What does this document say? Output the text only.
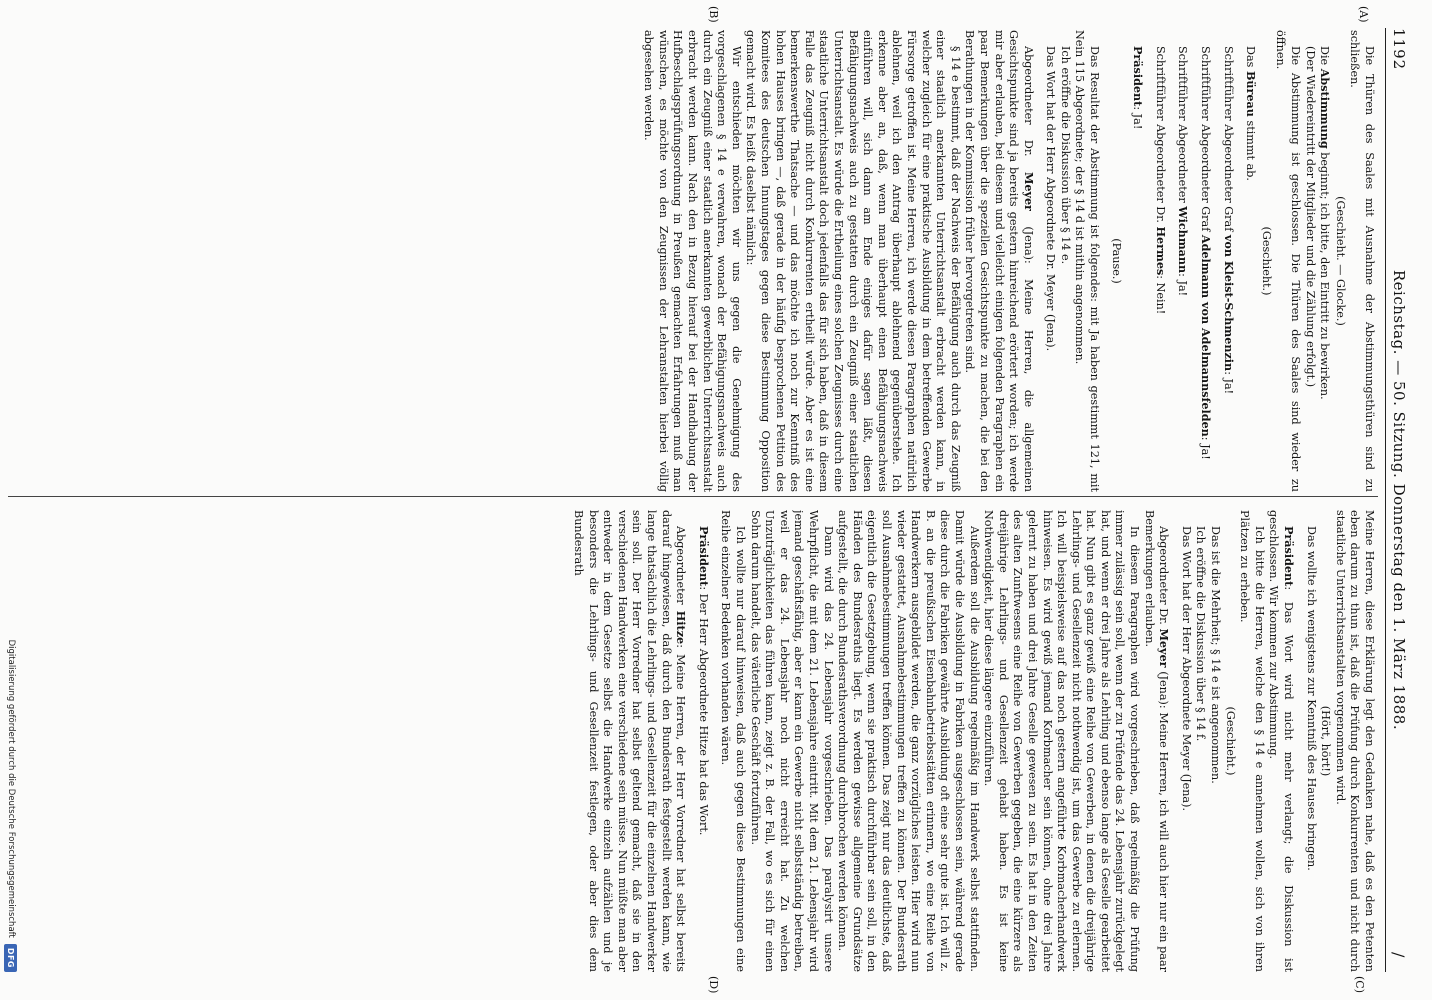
1192
Reichstag. — 50. Sitzung. Donnerstag den 1. März 1888.
/
(A)
(B)
(C)
(D)

Die Thüren des Saales mit Ausnahme der Abstimmungsthüren sind zu schließen.

(Geschieht. — Glocke.)

Die Abstimmung beginnt; ich bitte, den Eintritt zu bewirken.

(Der Wiedereintritt der Mitglieder und die Zählung erfolgt.)

Die Abstimmung ist geschlossen. Die Thüren des Saales sind wieder zu öffnen.

(Geschieht.)

Das Büreau stimmt ab.

Schriftführer Abgeordneter Graf von Kleist-Schmenzin: Ja!

Schriftführer Abgeordneter Graf Adelmann von Adelmannsfelden: Ja!

Schriftführer Abgeordneter Wichmann: Ja!

Schriftführer Abgeordneter Dr. Hermes: Nein!

Präsident: Ja!

(Pause.)

Das Resultat der Abstimmung ist folgendes: mit Ja haben gestimmt 121, mit Nein 115 Abgeordnete; der § 14 d ist mithin angenommen.

Ich eröffne die Diskussion über § 14 e.

Das Wort hat der Herr Abgeordnete Dr. Meyer (Jena).

Abgeordneter Dr. Meyer (Jena): Meine Herren, die allgemeinen Gesichtspunkte sind ja bereits gestern hinreichend erörtert worden; ich werde mir aber erlauben, bei diesem und vielleicht einigen folgenden Paragraphen ein paar Bemerkungen über die speziellen Gesichtspunkte zu machen, die bei den Berathungen in der Kommission früher hervorgetreten sind.

§ 14 e bestimmt, daß der Nachweis der Befähigung auch durch das Zeugniß einer staatlich anerkannten Unterrichtsanstalt erbracht werden kann, in welcher zugleich für eine praktische Ausbildung in dem betreffenden Gewerbe Fürsorge getroffen ist. Meine Herren, ich werde diesen Paragraphen natürlich ablehnen, weil ich den Antrag überhaupt ablehnend gegenüberstehe. Ich erkenne aber an, daß, wenn man überhaupt einen Befähigungsnachweis einführen will, sich dann am Ende einiges dafür sagen läßt, diesen Befähigungsnachweis auch zu gestatten durch ein Zeugniß einer staatlichen Unterrichtsanstalt. Es würde die Ertheilung eines solchen Zeugnisses durch eine staatliche Unterrichtsanstalt doch jedenfalls das für sich haben, daß in diesem Falle das Zeugniß nicht durch Konkurrenten ertheilt würde. Aber es ist eine bemerkenswerthe Thatsache — und das möchte ich noch zur Kenntniß des hohen Hauses bringen —, daß gerade in der häufig besprochenen Petition des Komitees des deutschen Innungstages gegen diese Bestimmung Opposition gemacht wird. Es heißt daselbst nämlich:

Wir entschieden möchten wir uns gegen die Genehmigung des vorgeschlagenen § 14 e verwahren, wonach der Befähigungsnachweis auch durch ein Zeugniß einer staatlich anerkannten gewerblichen Unterrichtsanstalt erbracht werden kann. Nach den in Bezug hierauf bei der Handhabung der Hufbeschlagsprüfungsordnung in Preußen gemachten Erfahrungen muß man wünschen, es möchte von den Zeugnissen der Lehranstalten hierbei völlig abgesehen werden.

Meine Herren, diese Erklärung legt den Gedanken nahe, daß es den Petenten eben darum zu thun ist, daß die Prüfung durch Konkurrenten und nicht durch staatliche Unterrichtsanstalten vorgenommen wird.

(Hört, hört!)

Das wollte ich wenigstens zur Kenntniß des Hauses bringen.

Präsident: Das Wort wird nicht mehr verlangt; die Diskussion ist geschlossen. Wir kommen zur Abstimmung.

Ich bitte die Herren, welche den § 14 e annehmen wollen, sich von ihren Plätzen zu erheben.

(Geschieht.)

Das ist die Mehrheit; § 14 e ist angenommen.

Ich eröffne die Diskussion über § 14 f.

Das Wort hat der Herr Abgeordnete Meyer (Jena).

Abgeordneter Dr. Meyer (Jena): Meine Herren, ich will auch hier nur ein paar Bemerkungen erlauben.

In diesem Paragraphen wird vorgeschrieben, daß regelmäßig die Prüfung immer zulässig sein soll, wenn der zu Prüfende das 24. Lebensjahr zurückgelegt hat, und wenn er drei Jahre als Lehrling und ebenso lange als Geselle gearbeitet hat. Nun gibt es ganz gewiß eine Reihe von Gewerben, in denen die dreijährige Lehrlings- und Gesellenzeit nicht nothwendig ist, um das Gewerbe zu erlernen. Ich will beispielsweise auf das noch gestern angeführte Korbmacherhandwerk hinweisen. Es wird gewiß jemand Korbmacher sein können, ohne drei Jahre gelernt zu haben und drei Jahre Geselle gewesen zu sein. Es hat in den Zeiten des alten Zunftwesens eine Reihe von Gewerben gegeben, die eine kürzere als dreijährige Lehrlings- und Gesellenzeit gehabt haben. Es ist keine Nothwendigkeit, hier diese längere einzuführen.

Außerdem soll die Ausbildung regelmäßig im Handwerk selbst stattfinden. Damit würde die Ausbildung in Fabriken ausgeschlossen sein, während gerade diese durch die Fabriken gewährte Ausbildung oft eine sehr gute ist. Ich will z. B. an die preußischen Eisenbahnbetriebsstätten erinnern, wo eine Reihe von Handwerkern ausgebildet werden, die ganz vorzügliches leisten. Hier wird nun wieder gestattet, Ausnahmebestimmungen treffen zu können. Der Bundesrath soll Ausnahmebestimmungen treffen können. Das zeigt nur das deutlichste, daß eigentlich die Gesetzgebung, wenn sie praktisch durchführbar sein soll, in den Händen des Bundesraths liegt. Es werden gewisse allgemeine Grundsätze aufgestellt, die durch Bundesrathsverordnung durchbrochen werden können.

Dann wird das 24. Lebensjahr vorgeschrieben. Das paralysirt unsere Wehrpflicht, die mit dem 21. Lebensjahre eintritt. Mit dem 21. Lebensjahr wird jemand geschäftsfähig, aber er kann ein Gewerbe nicht selbstständig betreiben, weil er das 24. Lebensjahr noch nicht erreicht hat. Zu welchen Unzuträglichkeiten das führen kann, zeigt z. B. der Fall, wo es sich für einen Sohn darum handelt, das väterliche Geschäft fortzuführen.

Ich wollte nur darauf hinweisen, daß auch gegen diese Bestimmungen eine Reihe einzelner Bedenken vorhanden wären.

Präsident: Der Herr Abgeordnete Hitze hat das Wort.

Abgeordneter Hitze: Meine Herren, der Herr Vorredner hat selbst bereits darauf hingewiesen, daß durch den Bundesrath festgestellt werden kann, wie lange thatsächlich die Lehrlings- und Gesellenzeit für die einzelnen Handwerker sein soll. Der Herr Vorredner hat selbst geltend gemacht, daß sie in den verschiedenen Handwerken eine verschiedene sein müsse. Nun müßte man aber entweder in dem Gesetze selbst die Handwerke einzeln aufzählen und je besonders die Lehrlings- und Gesellenzeit festlegen, oder aber dies dem Bundesrath

Digitalisierung gefördert durch die Deutsche Forschungsgemeinschaft
DFG
